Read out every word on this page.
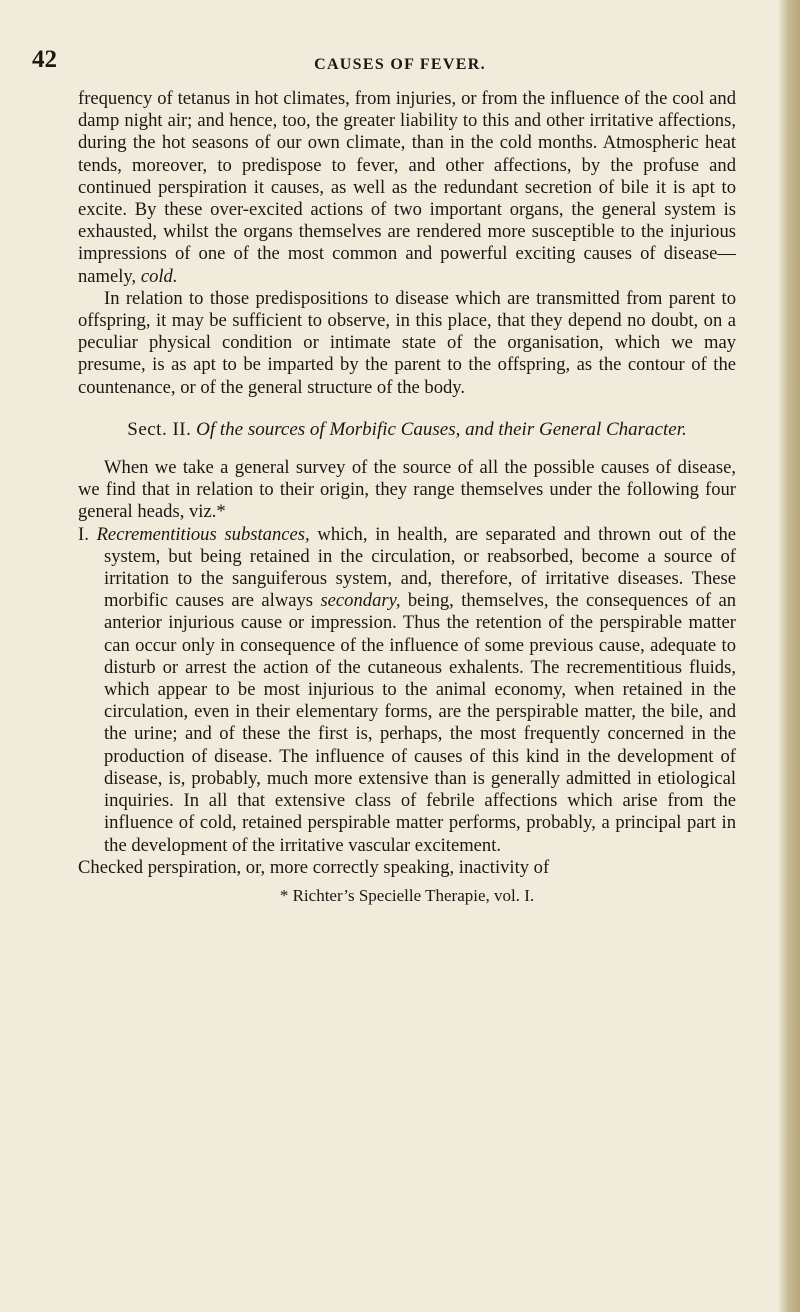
42	CAUSES OF FEVER.

frequency of tetanus in hot climates, from injuries, or from the influence of the cool and damp night air; and hence, too, the greater liability to this and other irritative affections, during the hot seasons of our own climate, than in the cold months. Atmospheric heat tends, moreover, to predispose to fever, and other affections, by the profuse and continued perspiration it causes, as well as the redundant secretion of bile it is apt to excite. By these over-excited actions of two important organs, the general system is exhausted, whilst the organs themselves are rendered more susceptible to the injurious impressions of one of the most common and powerful exciting causes of disease—namely, cold.

In relation to those predispositions to disease which are transmitted from parent to offspring, it may be sufficient to observe, in this place, that they depend no doubt, on a peculiar physical condition or intimate state of the organisation, which we may presume, is as apt to be imparted by the parent to the offspring, as the contour of the countenance, or of the general structure of the body.

Sect. II. Of the sources of Morbific Causes, and their General Character.

When we take a general survey of the source of all the possible causes of disease, we find that in relation to their origin, they range themselves under the following four general heads, viz.*

I. Recrementitious substances, which, in health, are separated and thrown out of the system, but being retained in the circulation, or reabsorbed, become a source of irritation to the sanguiferous system, and, therefore, of irritative diseases. These morbific causes are always secondary, being, themselves, the consequences of an anterior injurious cause or impression. Thus the retention of the perspirable matter can occur only in consequence of the influence of some previous cause, adequate to disturb or arrest the action of the cutaneous exhalents. The recrementitious fluids, which appear to be most injurious to the animal economy, when retained in the circulation, even in their elementary forms, are the perspirable matter, the bile, and the urine; and of these the first is, perhaps, the most frequently concerned in the production of disease. The influence of causes of this kind in the development of disease, is, probably, much more extensive than is generally admitted in etiological inquiries. In all that extensive class of febrile affections which arise from the influence of cold, retained perspirable matter performs, probably, a principal part in the development of the irritative vascular excitement.

Checked perspiration, or, more correctly speaking, inactivity of

* Richter’s Specielle Therapie, vol. I.
